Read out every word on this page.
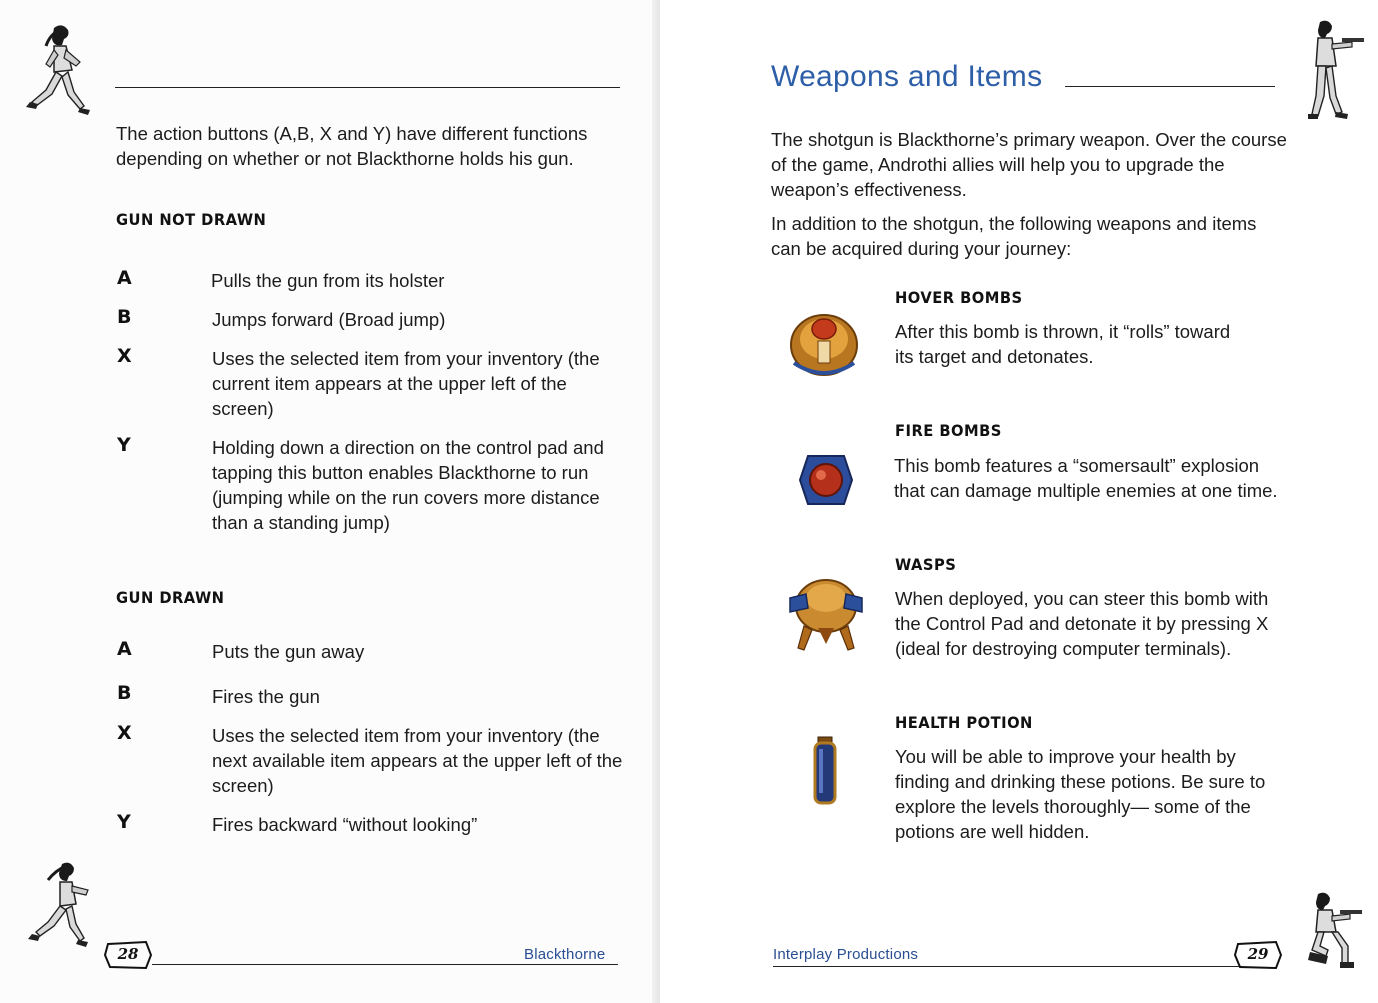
The action buttons (A,B, X and Y) have different functions depending on whether or not Blackthorne holds his gun.
GUN NOT DRAWN
A	Pulls the gun from its holster
B	Jumps forward (Broad jump)
X	Uses the selected item from your inventory (the current item appears at the upper left of the screen)
Y	Holding down a direction on the control pad and tapping this button enables Blackthorne to run (jumping while on the run covers more distance than a standing jump)
GUN DRAWN
A	Puts the gun away
B	Fires the gun
X	Uses the selected item from your inventory (the next available item appears at the upper left of the screen)
Y	Fires backward “without looking”
28	Blackthorne
Weapons and Items
The shotgun is Blackthorne’s primary weapon. Over the course of the game, Androthi allies will help you to upgrade the weapon’s effectiveness.
In addition to the shotgun, the following weapons and items can be acquired during your journey:
HOVER BOMBS
After this bomb is thrown, it “rolls” toward its target and detonates.
FIRE BOMBS
This bomb features a “somersault” explosion that can damage multiple enemies at one time.
WASPS
When deployed, you can steer this bomb with the Control Pad and detonate it by pressing X (ideal for destroying computer terminals).
HEALTH POTION
You will be able to improve your health by finding and drinking these potions. Be sure to explore the levels thoroughly— some of the potions are well hidden.
Interplay Productions	29
